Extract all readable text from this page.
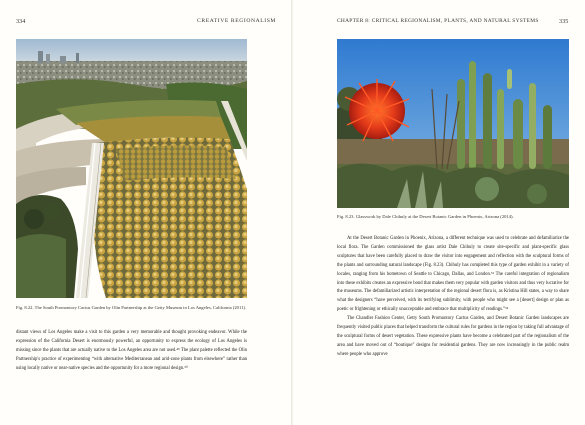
334	CREATIVE REGIONALISM
Fig. 8.22. The South Promontory Cactus Garden by Olin Partnership at the Getty Museum in Los Angeles, California (2011).

distant views of Los Angeles make a visit to this garden a very memorable and thought provoking endeavor. While the expression of the California Desert is enormously powerful, an opportunity to express the ecology of Los Angeles is missing since the plants that are actually native to the Los Angeles area are not used.⁴⁹ The plant palette reflected the Olin Partnership's practice of experimenting “with alternative Mediterranean and arid-zone plants from elsewhere” rather than using locally native or near-native species and the opportunity for a more regional design.⁵⁰

CHAPTER 8: CRITICAL REGIONALISM, PLANTS, AND NATURAL SYSTEMS	335
Fig. 8.23. Glasswork by Dale Chihuly at the Desert Botanic Garden in Phoenix, Arizona (2014).

At the Desert Botanic Garden in Phoenix, Arizona, a different technique was used to celebrate and defamiliarize the local flora. The Garden commissioned the glass artist Dale Chihuly to create site-specific and plant-specific glass sculptures that have been carefully placed to draw the visitor into engagement and reflection with the sculptural forms of the plants and surrounding natural landscape (Fig. 8.23). Chihuly has completed this type of garden exhibit in a variety of locales, ranging from his hometown of Seattle to Chicago, Dallas, and London.⁵¹ The careful integration of regionalism into these exhibits creates an expressive bond that makes them very popular with garden visitors and thus very lucrative for the museums. The defamiliarized artistic interpretation of the regional desert flora is, as Kristina Hill states, a way to share what the designers “have perceived, with its terrifying sublimity, with people who might see a [desert] design or plan as poetic or frightening or ethically unacceptable and embrace that multiplicity of readings.”⁵²

The Chandler Fashion Center, Getty South Promontory Cactus Garden, and Desert Botanic Garden landscapes are frequently visited public places that helped transform the cultural rules for gardens in the region by taking full advantage of the sculptural forms of desert vegetation. These expressive plants have become a celebrated part of the regionalism of the area and have moved out of “boutique” designs for residential gardens. They are now increasingly in the public realm where people who approve
